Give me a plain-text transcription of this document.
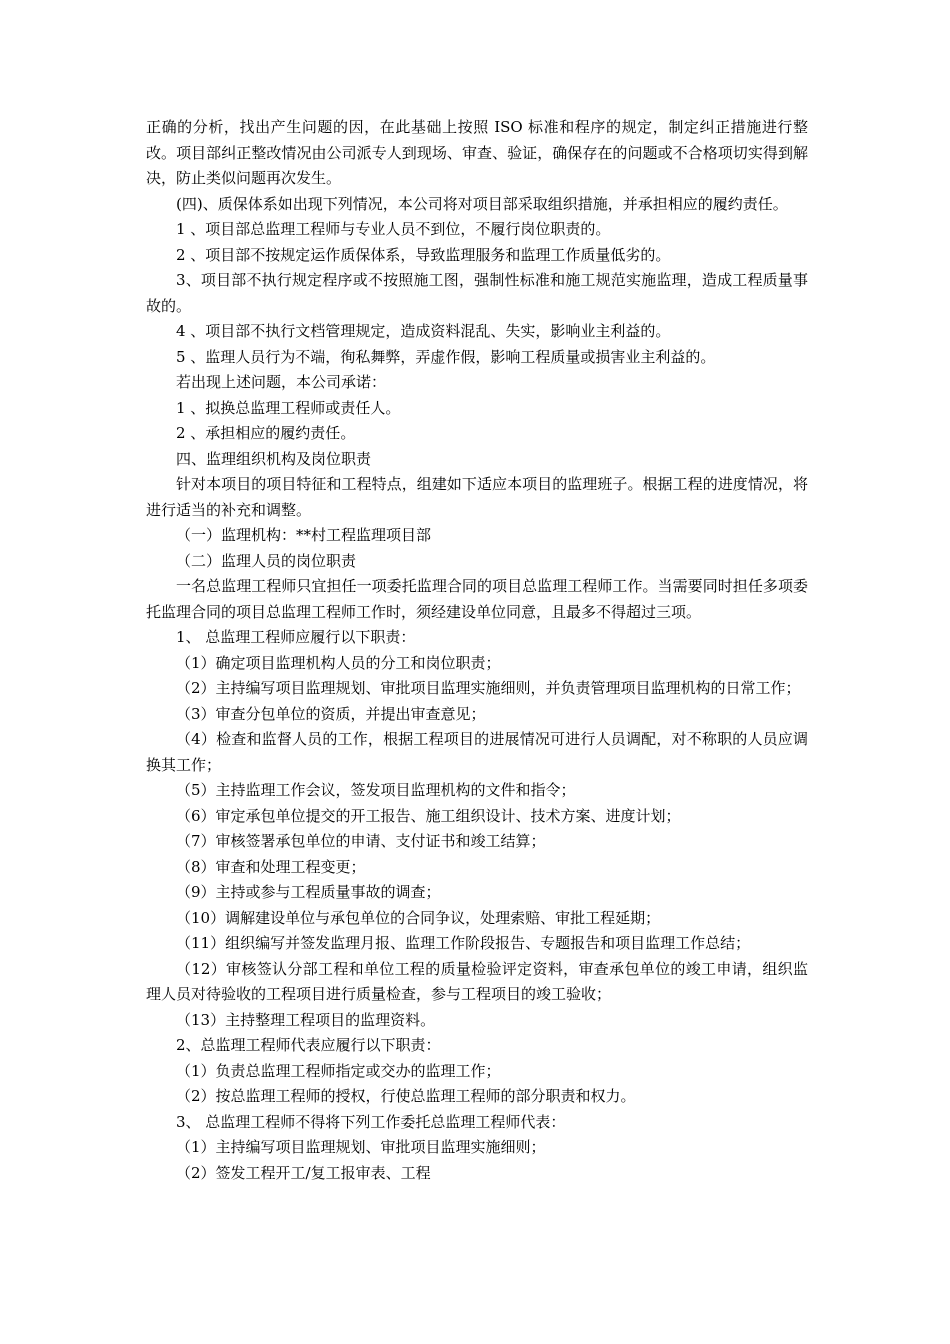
正确的分析，找出产生问题的因，在此基础上按照 ISO 标准和程序的规定，制定纠正措施进行整改。项目部纠正整改情况由公司派专人到现场、审查、验证，确保存在的问题或不合格项切实得到解决，防止类似问题再次发生。

(四)、质保体系如出现下列情况，本公司将对项目部采取组织措施，并承担相应的履约责任。

1 、项目部总监理工程师与专业人员不到位，不履行岗位职责的。

2 、项目部不按规定运作质保体系，导致监理服务和监理工作质量低劣的。

3、项目部不执行规定程序或不按照施工图，强制性标准和施工规范实施监理，造成工程质量事故的。

4 、项目部不执行文档管理规定，造成资料混乱、失实，影响业主利益的。

5 、监理人员行为不端，徇私舞弊，弄虚作假，影响工程质量或损害业主利益的。

若出现上述问题，本公司承诺：

1 、拟换总监理工程师或责任人。

2 、承担相应的履约责任。

四、监理组织机构及岗位职责

针对本项目的项目特征和工程特点，组建如下适应本项目的监理班子。根据工程的进度情况，将进行适当的补充和调整。

（一）监理机构：**村工程监理项目部

（二）监理人员的岗位职责

一名总监理工程师只宜担任一项委托监理合同的项目总监理工程师工作。当需要同时担任多项委托监理合同的项目总监理工程师工作时，须经建设单位同意，且最多不得超过三项。

1、 总监理工程师应履行以下职责：

（1）确定项目监理机构人员的分工和岗位职责；

（2）主持编写项目监理规划、审批项目监理实施细则，并负责管理项目监理机构的日常工作；

（3）审查分包单位的资质，并提出审查意见；

（4）检查和监督人员的工作，根据工程项目的进展情况可进行人员调配，对不称职的人员应调换其工作；

（5）主持监理工作会议，签发项目监理机构的文件和指令；

（6）审定承包单位提交的开工报告、施工组织设计、技术方案、进度计划；

（7）审核签署承包单位的申请、支付证书和竣工结算；

（8）审查和处理工程变更；

（9）主持或参与工程质量事故的调查；

（10）调解建设单位与承包单位的合同争议，处理索赔、审批工程延期；

（11）组织编写并签发监理月报、监理工作阶段报告、专题报告和项目监理工作总结；

（12）审核签认分部工程和单位工程的质量检验评定资料，审查承包单位的竣工申请，组织监理人员对待验收的工程项目进行质量检查，参与工程项目的竣工验收；

（13）主持整理工程项目的监理资料。

2、总监理工程师代表应履行以下职责：

（1）负责总监理工程师指定或交办的监理工作；

（2）按总监理工程师的授权，行使总监理工程师的部分职责和权力。

3、 总监理工程师不得将下列工作委托总监理工程师代表：

（1）主持编写项目监理规划、审批项目监理实施细则；

（2）签发工程开工/复工报审表、工程
